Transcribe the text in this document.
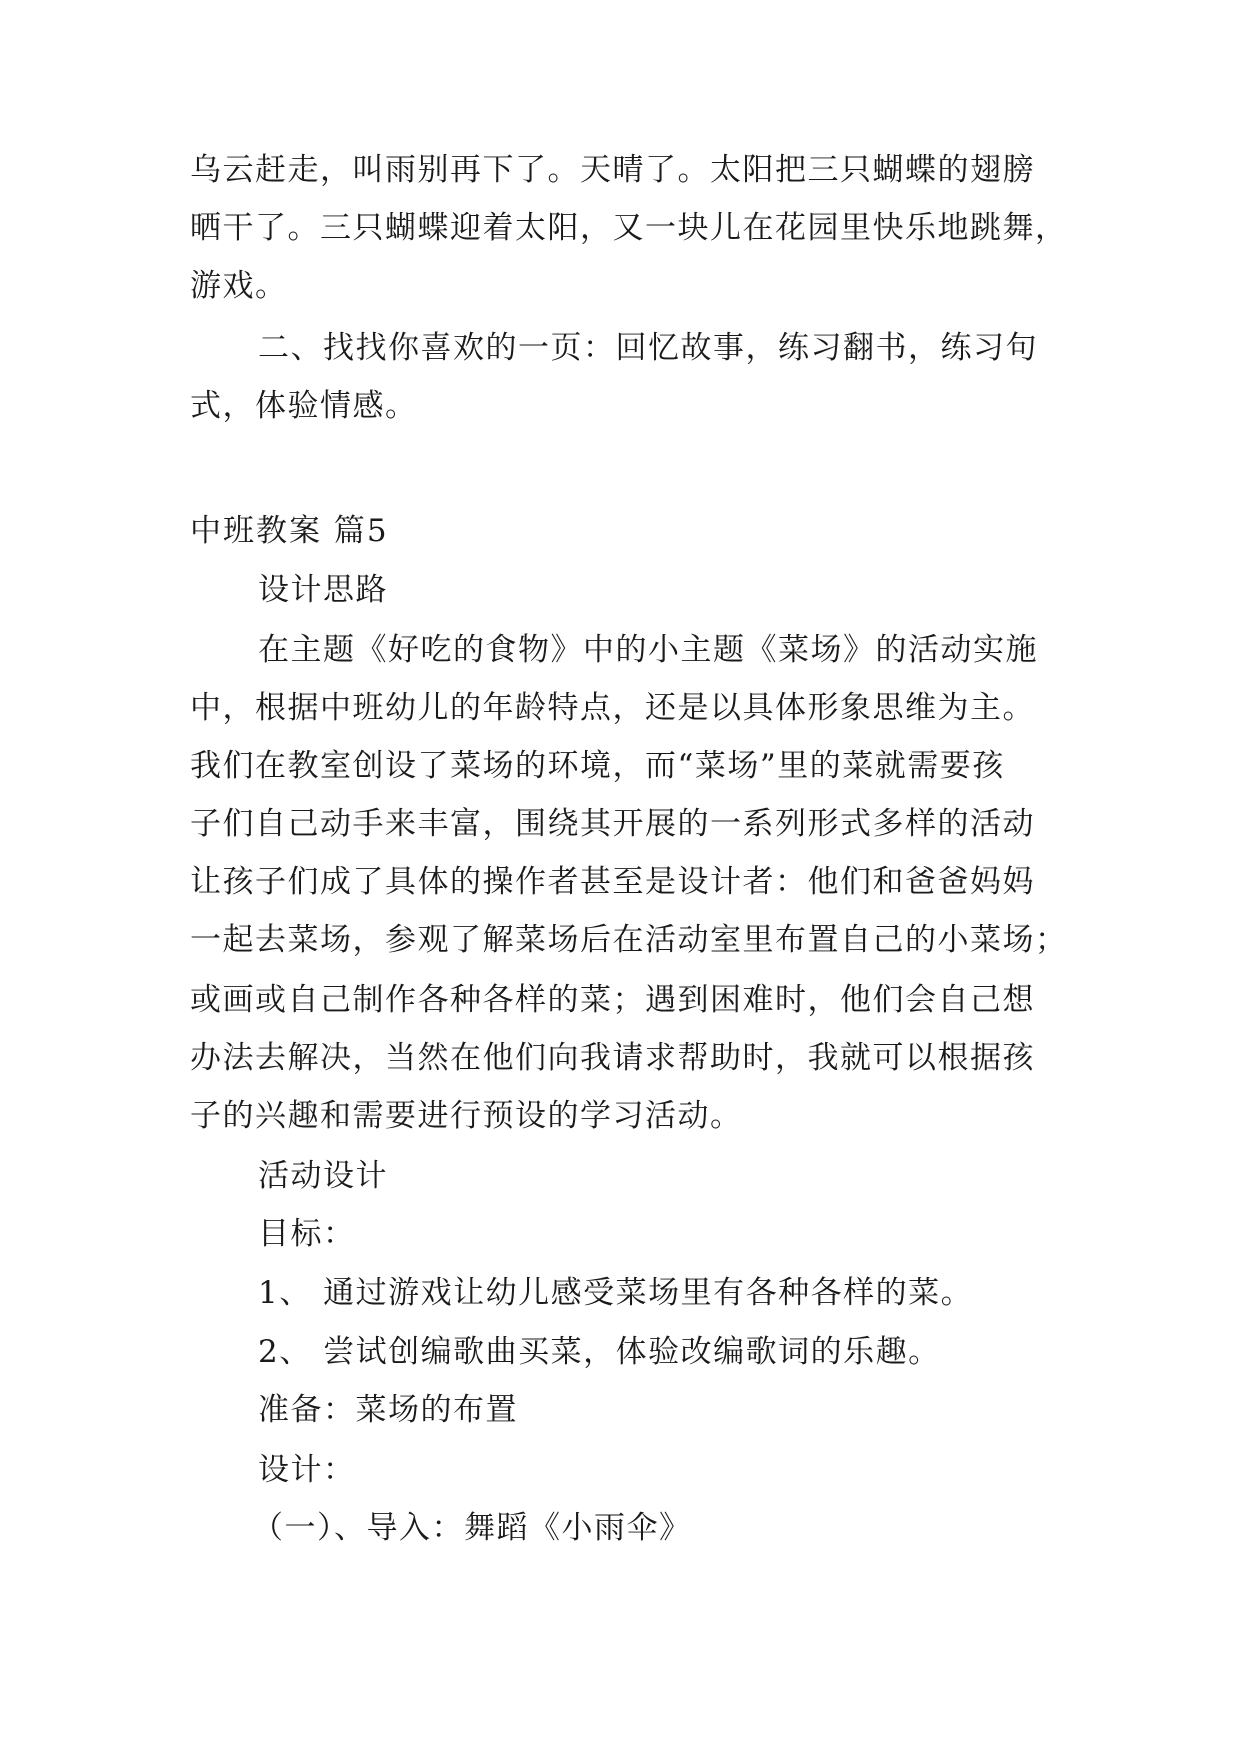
乌云赶走，叫雨别再下了。天晴了。太阳把三只蝴蝶的翅膀
晒干了。三只蝴蝶迎着太阳，又一块儿在花园里快乐地跳舞，
游戏。
二、找找你喜欢的一页：回忆故事，练习翻书，练习句
式，体验情感。
中班教案 篇5
设计思路
在主题《好吃的食物》中的小主题《菜场》的活动实施
中，根据中班幼儿的年龄特点，还是以具体形象思维为主。
我们在教室创设了菜场的环境，而“菜场”里的菜就需要孩
子们自己动手来丰富，围绕其开展的一系列形式多样的活动
让孩子们成了具体的操作者甚至是设计者：他们和爸爸妈妈
一起去菜场，参观了解菜场后在活动室里布置自己的小菜场；
或画或自己制作各种各样的菜；遇到困难时，他们会自己想
办法去解决，当然在他们向我请求帮助时，我就可以根据孩
子的兴趣和需要进行预设的学习活动。
活动设计
目标：
1、 通过游戏让幼儿感受菜场里有各种各样的菜。
2、 尝试创编歌曲买菜，体验改编歌词的乐趣。
准备：菜场的布置
设计：
（一）、导入：舞蹈《小雨伞》
